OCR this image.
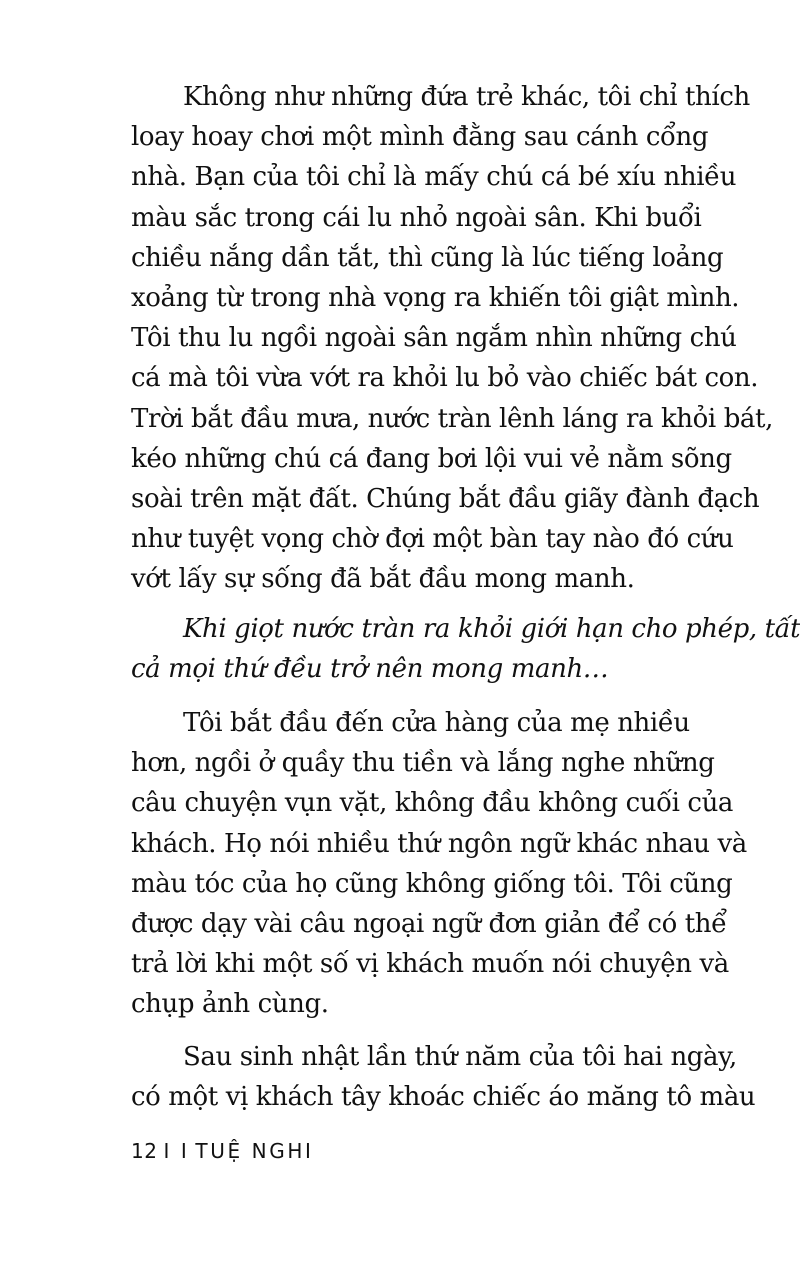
Không như những đứa trẻ khác, tôi chỉ thích
loay hoay chơi một mình đằng sau cánh cổng
nhà. Bạn của tôi chỉ là mấy chú cá bé xíu nhiều
màu sắc trong cái lu nhỏ ngoài sân. Khi buổi
chiều nắng dần tắt, thì cũng là lúc tiếng loảng
xoảng từ trong nhà vọng ra khiến tôi giật mình.
Tôi thu lu ngồi ngoài sân ngắm nhìn những chú
cá mà tôi vừa vớt ra khỏi lu bỏ vào chiếc bát con.
Trời bắt đầu mưa, nước tràn lênh láng ra khỏi bát,
kéo những chú cá đang bơi lội vui vẻ nằm sõng
soài trên mặt đất. Chúng bắt đầu giãy đành đạch
như tuyệt vọng chờ đợi một bàn tay nào đó cứu
vớt lấy sự sống đã bắt đầu mong manh.
Khi giọt nước tràn ra khỏi giới hạn cho phép, tất
cả mọi thứ đều trở nên mong manh…
Tôi bắt đầu đến cửa hàng của mẹ nhiều
hơn, ngồi ở quầy thu tiền và lắng nghe những
câu chuyện vụn vặt, không đầu không cuối của
khách. Họ nói nhiều thứ ngôn ngữ khác nhau và
màu tóc của họ cũng không giống tôi. Tôi cũng
được dạy vài câu ngoại ngữ đơn giản để có thể
trả lời khi một số vị khách muốn nói chuyện và
chụp ảnh cùng.
Sau sinh nhật lần thứ năm của tôi hai ngày,
có một vị khách tây khoác chiếc áo măng tô màu
12 I I TUỆ NGHI
